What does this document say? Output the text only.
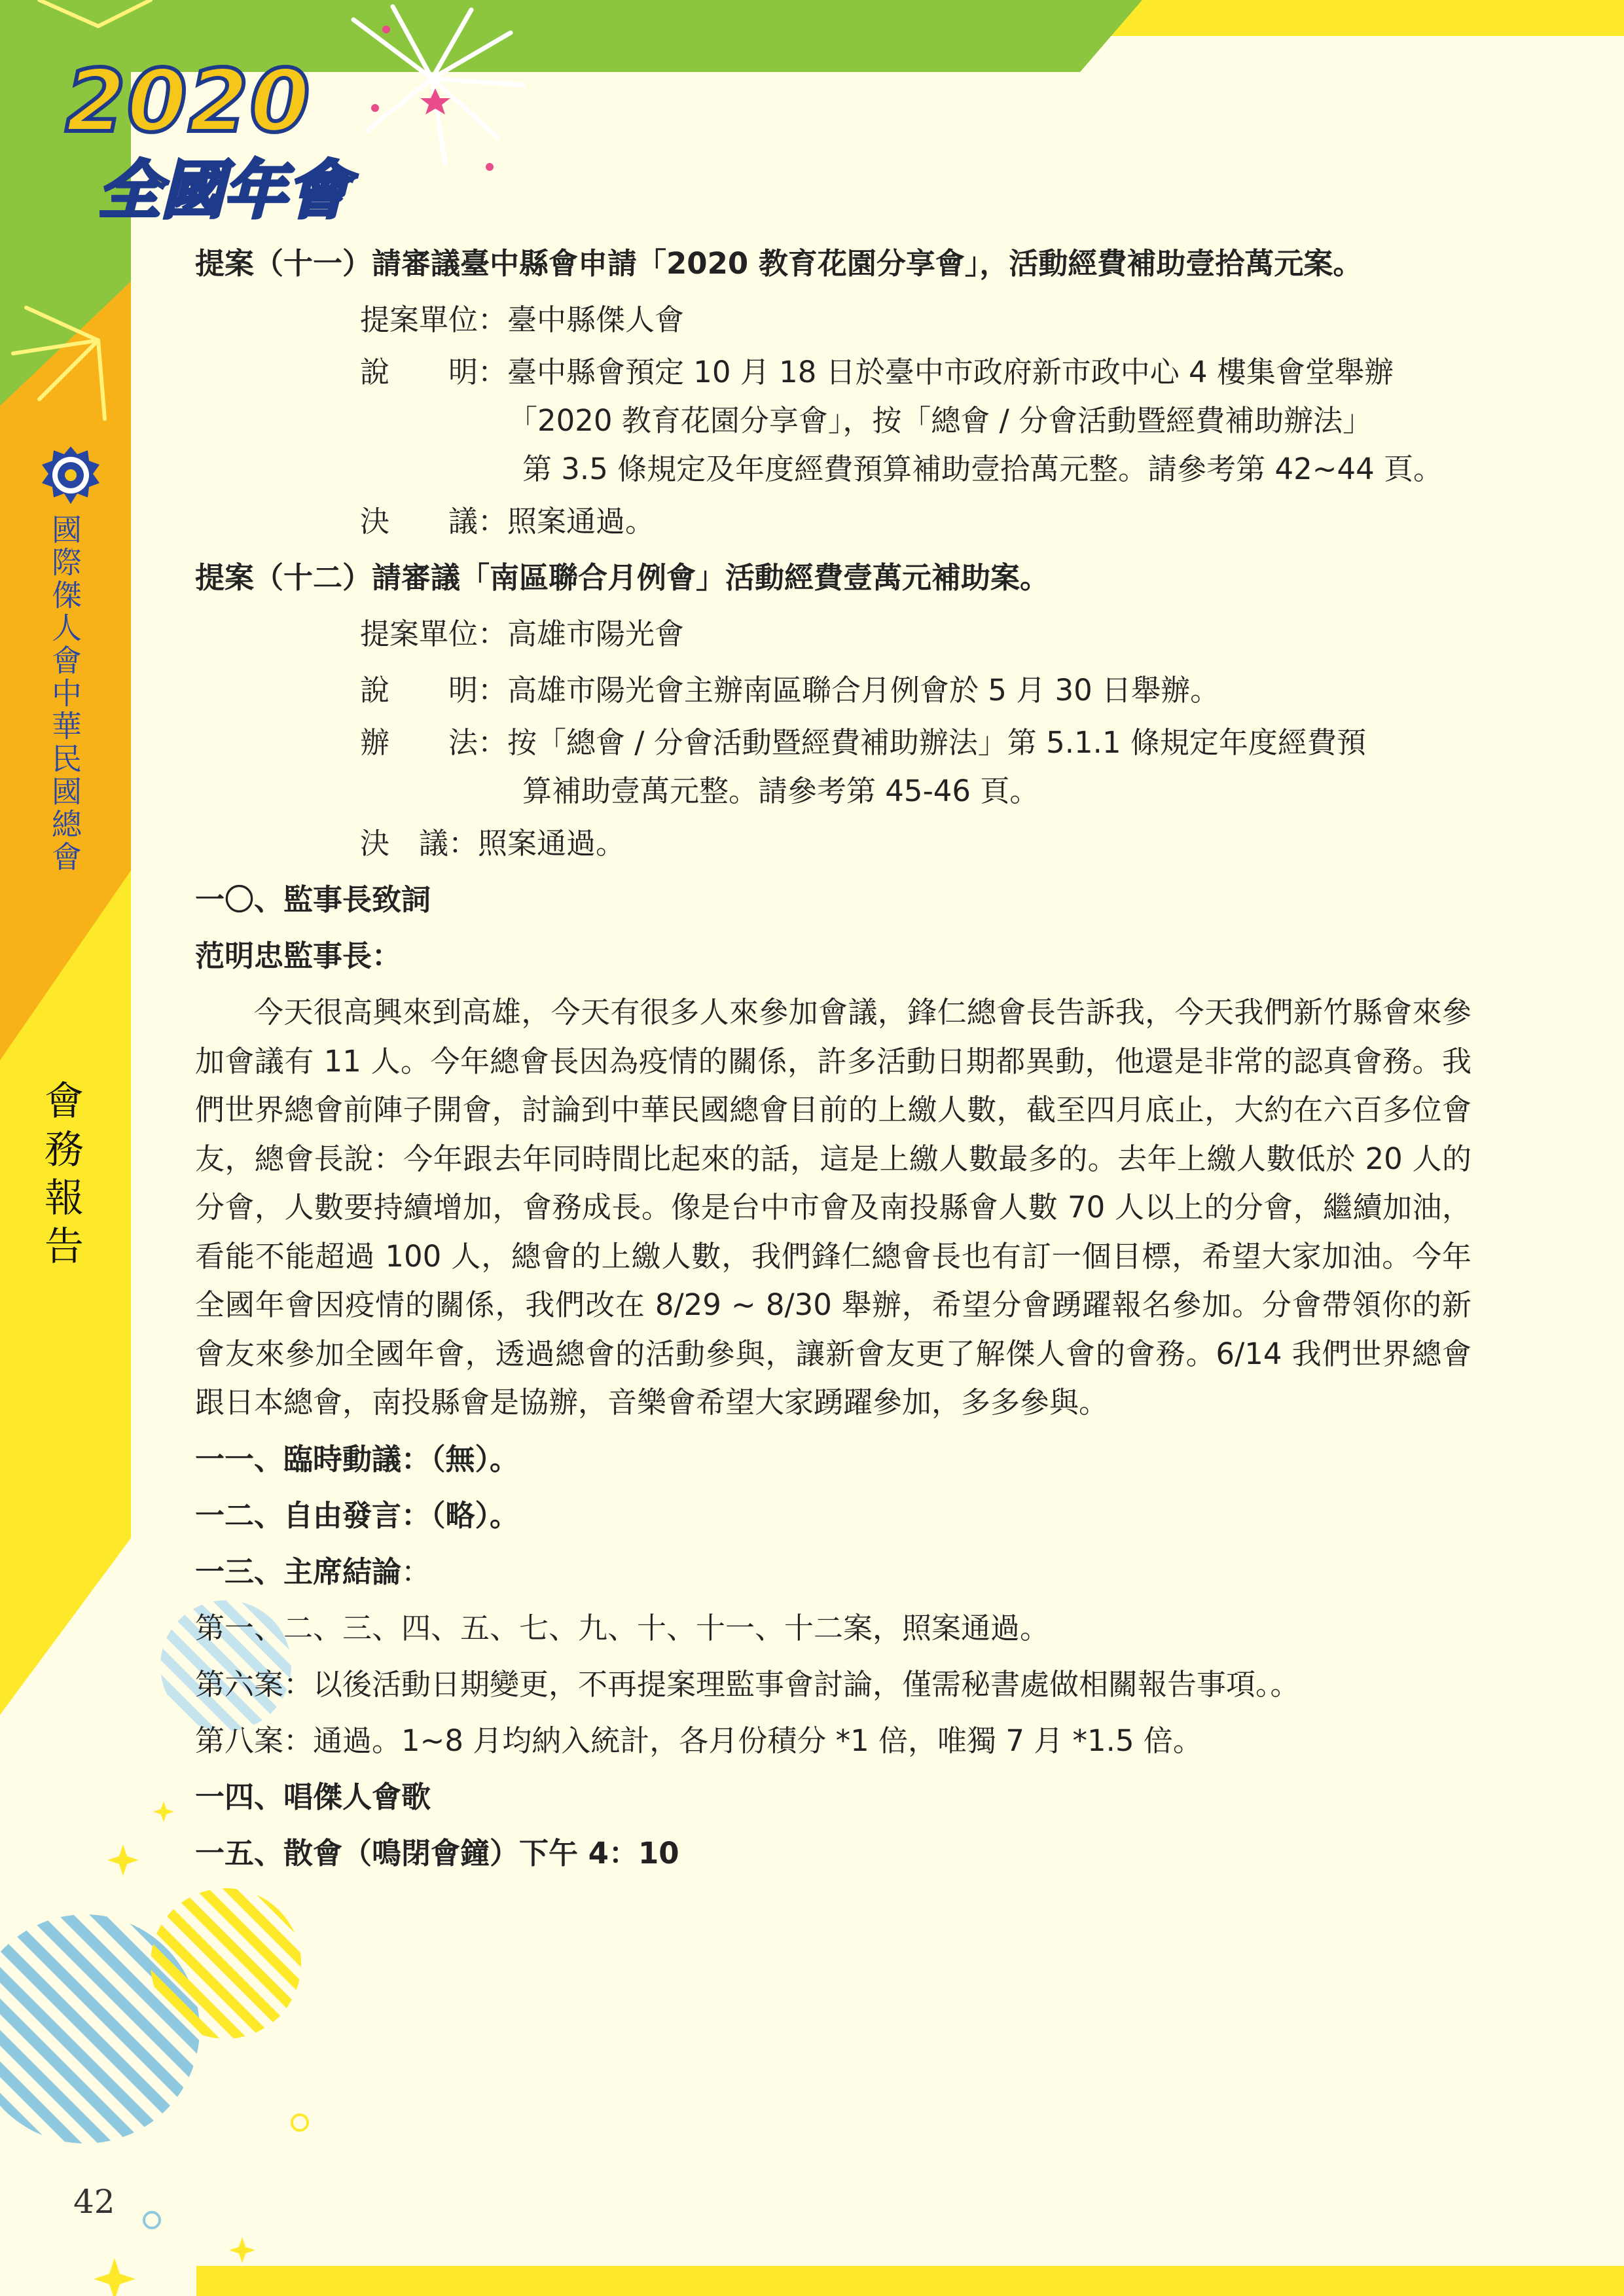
2020
全國年會
國際傑人會中華民國總會
會務報告
提案（十一）請審議臺中縣會申請「2020 教育花園分享會」，活動經費補助壹拾萬元案。
提案單位：臺中縣傑人會
說　　明：臺中縣會預定 10 月 18 日於臺中市政府新市政中心 4 樓集會堂舉辦
「2020 教育花園分享會」，按「總會 / 分會活動暨經費補助辦法」
第 3.5 條規定及年度經費預算補助壹拾萬元整。請參考第 42~44 頁。
決　　議：照案通過。
提案（十二）請審議「南區聯合月例會」活動經費壹萬元補助案。
提案單位：高雄市陽光會
說　　明：高雄市陽光會主辦南區聯合月例會於 5 月 30 日舉辦。
辦　　法：按「總會 / 分會活動暨經費補助辦法」第 5.1.1 條規定年度經費預
算補助壹萬元整。請參考第 45-46 頁。
決　議：照案通過。
一〇、監事長致詞
范明忠監事長：
今天很高興來到高雄，今天有很多人來參加會議，鋒仁總會長告訴我，今天我們新竹縣會來參加會議有 11 人。今年總會長因為疫情的關係，許多活動日期都異動，他還是非常的認真會務。我們世界總會前陣子開會，討論到中華民國總會目前的上繳人數，截至四月底止，大約在六百多位會友，總會長說：今年跟去年同時間比起來的話，這是上繳人數最多的。去年上繳人數低於 20 人的分會，人數要持續增加，會務成長。像是台中市會及南投縣會人數 70 人以上的分會，繼續加油，看能不能超過 100 人，總會的上繳人數，我們鋒仁總會長也有訂一個目標，希望大家加油。今年全國年會因疫情的關係，我們改在 8/29 ~ 8/30 舉辦，希望分會踴躍報名參加。分會帶領你的新會友來參加全國年會，透過總會的活動參與，讓新會友更了解傑人會的會務。6/14 我們世界總會跟日本總會，南投縣會是協辦，音樂會希望大家踴躍參加，多多參與。
一一、臨時動議：（無）。
一二、自由發言：（略）。
一三、主席結論：
第一、二、三、四、五、七、九、十、十一、十二案，照案通過。
第六案：以後活動日期變更，不再提案理監事會討論，僅需秘書處做相關報告事項。。
第八案：通過。1~8 月均納入統計，各月份積分 *1 倍，唯獨 7 月 *1.5 倍。
一四、唱傑人會歌
一五、散會（鳴閉會鐘）下午 4：10
42
